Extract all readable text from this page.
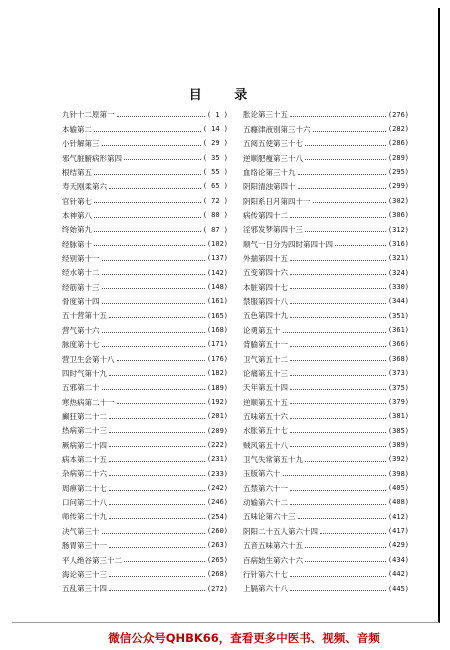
目 录
九针十二原第一	( 1 )
本输第二	( 14 )
小针解第三	( 29 )
邪气脏腑病形第四	( 35 )
根结第五	( 55 )
寿夭刚柔第六	( 65 )
官针第七	( 72 )
本神第八	( 80 )
终始第九	( 87 )
经脉第十	(102)
经别第十一	(137)
经水第十二	(142)
经筋第十三	(148)
骨度第十四	(161)
五十营第十五	(165)
营气第十六	(168)
脉度第十七	(171)
营卫生会第十八	(176)
四时气第十九	(182)
五邪第二十	(189)
寒热病第二十一	(192)
癫狂第二十二	(201)
热病第二十三	(209)
厥病第二十四	(222)
病本第二十五	(231)
杂病第二十六	(233)
周痹第二十七	(242)
口问第二十八	(246)
师传第二十九	(254)
决气第三十	(260)
肠胃第三十一	(263)
平人绝谷第三十二	(265)
海论第三十三	(268)
五乱第三十四	(272)
胀论第三十五	(276)
五癃津液别第三十六	(282)
五阅五使第三十七	(286)
逆顺肥瘦第三十八	(289)
血络论第三十九	(295)
阴阳清浊第四十	(299)
阴阳系日月第四十一	(302)
病传第四十二	(306)
淫邪发梦第四十三	(312)
顺气一日分为四时第四十四	(316)
外揣第四十五	(321)
五变第四十六	(324)
本脏第四十七	(330)
禁服第四十八	(344)
五色第四十九	(351)
论勇第五十	(361)
背腧第五十一	(366)
卫气第五十二	(368)
论痛第五十三	(373)
天年第五十四	(375)
逆顺第五十五	(379)
五味第五十六	(381)
水胀第五十七	(385)
贼风第五十八	(389)
卫气失常第五十九	(392)
玉版第六十	(398)
五禁第六十一	(405)
动输第六十二	(408)
五味论第六十三	(412)
阴阳二十五人第六十四	(417)
五音五味第六十五	(429)
百病始生第六十六	(434)
行针第六十七	(442)
上膈第六十八	(445)
微信公众号QHBK66，查看更多中医书、视频、音频
